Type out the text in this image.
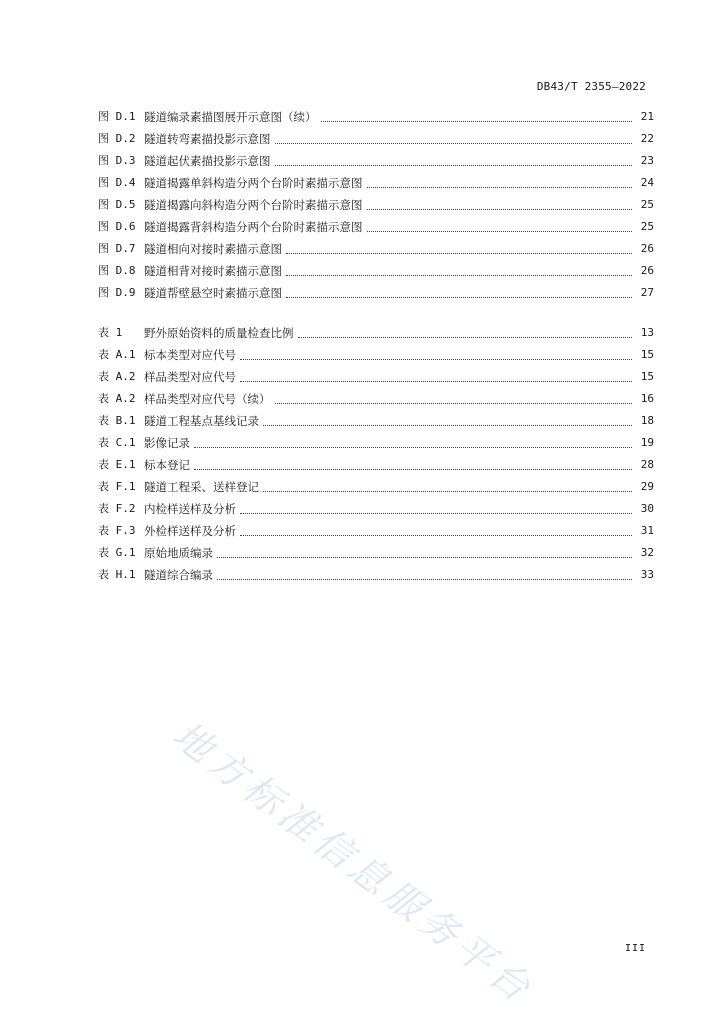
DB43/T 2355—2022
图 D.1 隧道编录素描图展开示意图（续）	21
图 D.2 隧道转弯素描投影示意图	22
图 D.3 隧道起伏素描投影示意图	23
图 D.4 隧道揭露单斜构造分两个台阶时素描示意图	24
图 D.5 隧道揭露向斜构造分两个台阶时素描示意图	25
图 D.6 隧道揭露背斜构造分两个台阶时素描示意图	25
图 D.7 隧道相向对接时素描示意图	26
图 D.8 隧道相背对接时素描示意图	26
图 D.9 隧道帮壁悬空时素描示意图	27
表 1	野外原始资料的质量检查比例	13
表 A.1 标本类型对应代号	15
表 A.2 样品类型对应代号	15
表 A.2 样品类型对应代号（续）	16
表 B.1 隧道工程基点基线记录	18
表 C.1 影像记录	19
表 E.1 标本登记	28
表 F.1 隧道工程采、送样登记	29
表 F.2 内检样送样及分析	30
表 F.3 外检样送样及分析	31
表 G.1 原始地质编录	32
表 H.1 隧道综合编录	33
地方标准信息服务平台	III
